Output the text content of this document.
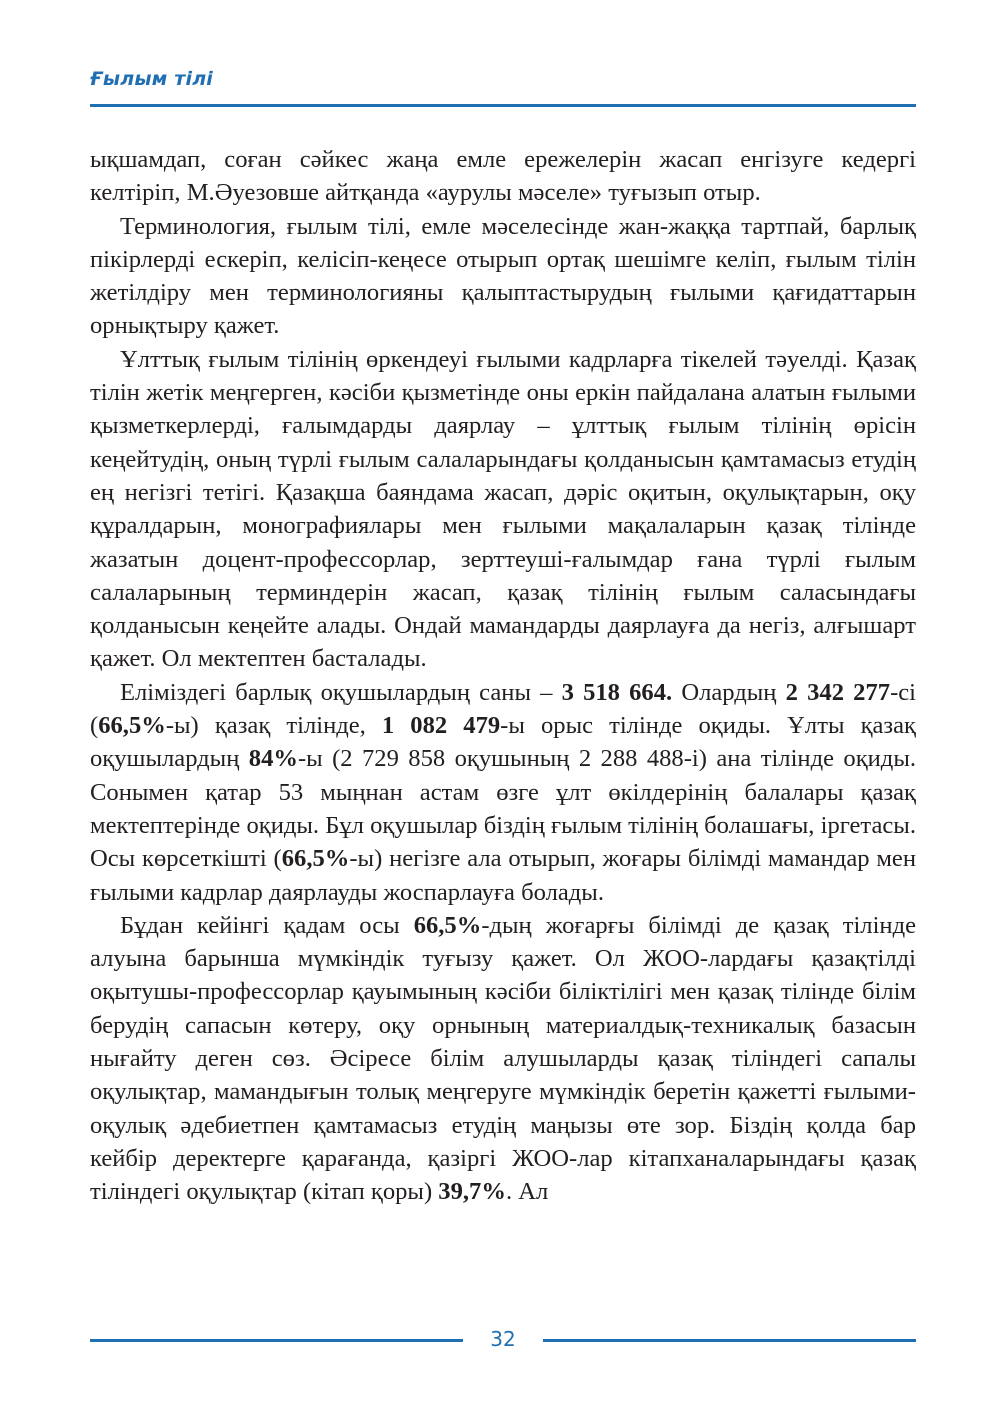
Ғылым тілі

ықшамдап, соған сәйкес жаңа емле ережелерін жасап енгізуге кедергі келтіріп, М.Әуезовше айтқанда «аурулы мәселе» туғызып отыр.

Терминология, ғылым тілі, емле мәселесінде жан-жаққа тартпай, барлық пікірлерді ескеріп, келісіп-кеңесе отырып ортақ шешімге келіп, ғылым тілін жетілдіру мен терминологияны қалыптастырудың ғылыми қағидаттарын орнықтыру қажет.

Ұлттық ғылым тілінің өркендеуі ғылыми кадрларға тікелей тәуелді. Қазақ тілін жетік меңгерген, кәсіби қызметінде оны еркін пайдалана алатын ғылыми қызметкерлерді, ғалымдарды даярлау – ұлттық ғылым тілінің өрісін кеңейтудің, оның түрлі ғылым салаларындағы қолданысын қамтамасыз етудің ең негізгі тетігі. Қазақша баяндама жасап, дәріс оқитын, оқулықтарын, оқу құралдарын, монографиялары мен ғылыми мақалаларын қазақ тілінде жазатын доцент-профессорлар, зерттеуші-ғалымдар ғана түрлі ғылым салаларының терминдерін жасап, қазақ тілінің ғылым саласындағы қолданысын кеңейте алады. Ондай мамандарды даярлауға да негіз, алғышарт қажет. Ол мектептен басталады.

Еліміздегі барлық оқушылардың саны – 3 518 664. Олардың 2 342 277-сі (66,5%-ы) қазақ тілінде, 1 082 479-ы орыс тілінде оқиды. Ұлты қазақ оқушылардың 84%-ы (2 729 858 оқушының 2 288 488-і) ана тілінде оқиды. Сонымен қатар 53 мыңнан астам өзге ұлт өкілдерінің балалары қазақ мектептерінде оқиды. Бұл оқушылар біздің ғылым тілінің болашағы, іргетасы. Осы көрсеткішті (66,5%-ы) негізге ала отырып, жоғары білімді мамандар мен ғылыми кадрлар даярлауды жоспарлауға болады.

Бұдан кейінгі қадам осы 66,5%-дың жоғарғы білімді де қазақ тілінде алуына барынша мүмкіндік туғызу қажет. Ол ЖОО-лардағы қазақтілді оқытушы-профессорлар қауымының кәсіби біліктілігі мен қазақ тілінде білім берудің сапасын көтеру, оқу орнының материалдық-техникалық базасын нығайту деген сөз. Әсіресе білім алушыларды қазақ тіліндегі сапалы оқулықтар, мамандығын толық меңгеруге мүмкіндік беретін қажетті ғылыми-оқулық әдебиетпен қамтамасыз етудің маңызы өте зор. Біздің қолда бар кейбір деректерге қарағанда, қазіргі ЖОО-лар кітапханаларындағы қазақ тіліндегі оқулықтар (кітап қоры) 39,7%. Ал

32
